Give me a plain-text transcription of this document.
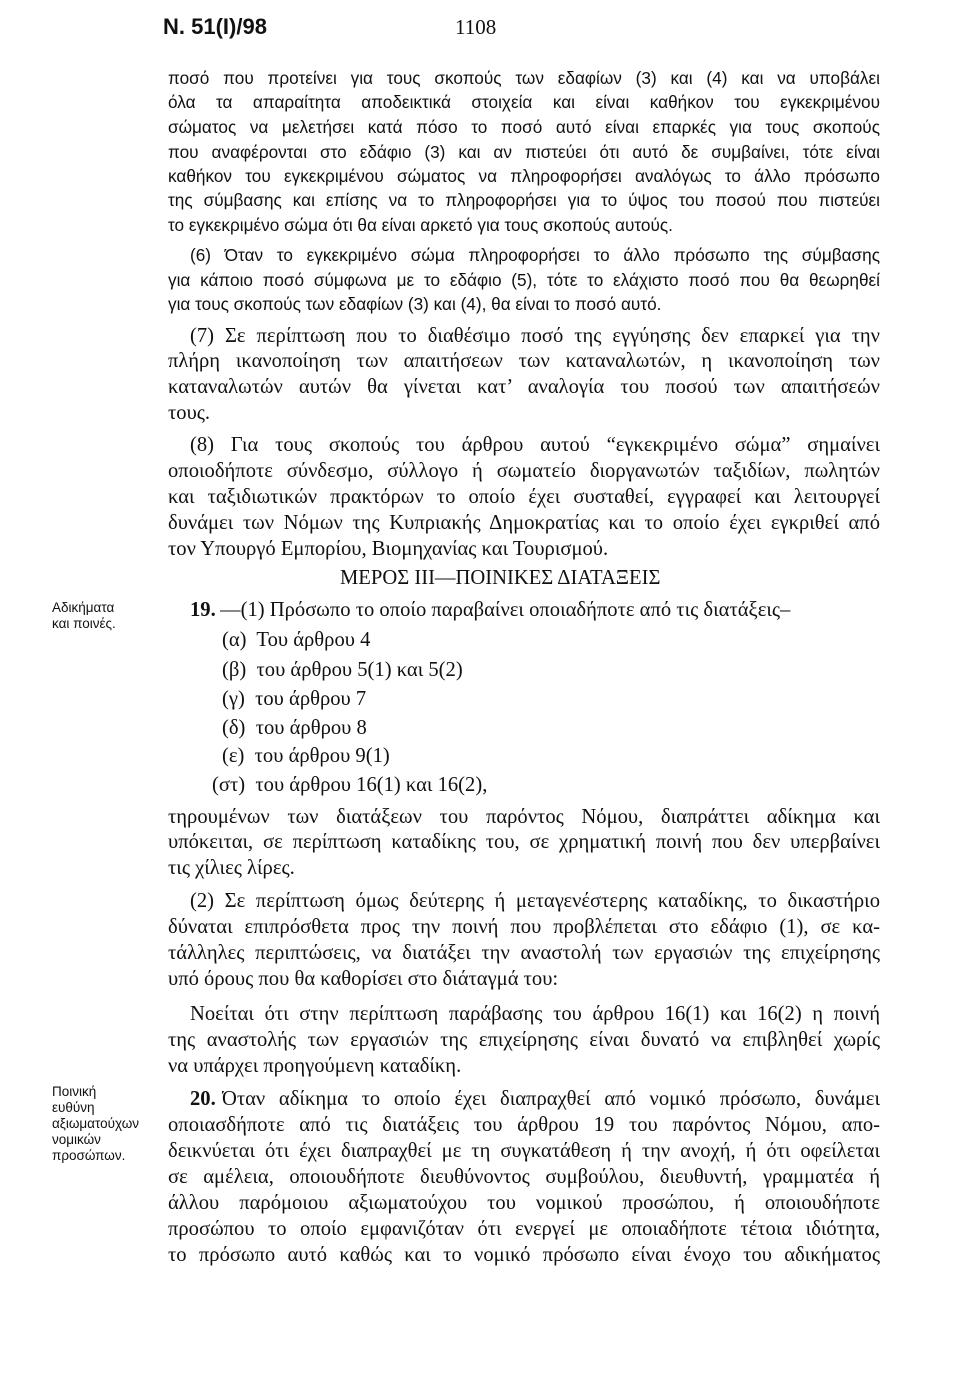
Ν. 51(Ι)/98	1108
Αδικήματα
και ποινές.
Ποινική
ευθύνη
αξιωματούχων
νομικών
προσώπων.
ΜΕΡΟΣ ΙΙΙ—ΠΟΙΝΙΚΕΣ ΔΙΑΤΑΞΕΙΣ
ποσό που προτείνει για τους σκοπούς των εδαφίων (3) και (4) και να υποβάλει
όλα τα απαραίτητα αποδεικτικά στοιχεία και είναι καθήκον του εγκεκριμένου
σώματος να μελετήσει κατά πόσο το ποσό αυτό είναι επαρκές για τους σκοπούς
που αναφέρονται στο εδάφιο (3) και αν πιστεύει ότι αυτό δε συμβαίνει, τότε είναι
καθήκον του εγκεκριμένου σώματος να πληροφορήσει αναλόγως το άλλο πρόσωπο
της σύμβασης και επίσης να το πληροφορήσει για το ύψος του ποσού που πιστεύει
το εγκεκριμένο σώμα ότι θα είναι αρκετό για τους σκοπούς αυτούς.
(6) Όταν το εγκεκριμένο σώμα πληροφορήσει το άλλο πρόσωπο της σύμβασης
για κάποιο ποσό σύμφωνα με το εδάφιο (5), τότε το ελάχιστο ποσό που θα θεωρηθεί
για τους σκοπούς των εδαφίων (3) και (4), θα είναι το ποσό αυτό.
(7) Σε περίπτωση που το διαθέσιμο ποσό της εγγύησης δεν επαρκεί για την
πλήρη ικανοποίηση των απαιτήσεων των καταναλωτών, η ικανοποίηση των
καταναλωτών αυτών θα γίνεται κατ’ αναλογία του ποσού των απαιτήσεών
τους.
(8) Για τους σκοπούς του άρθρου αυτού “εγκεκριμένο σώμα” σημαίνει
οποιοδήποτε σύνδεσμο, σύλλογο ή σωματείο διοργανωτών ταξιδίων, πωλητών
και ταξιδιωτικών πρακτόρων το οποίο έχει συσταθεί, εγγραφεί και λειτουργεί
δυνάμει των Νόμων της Κυπριακής Δημοκρατίας και το οποίο έχει εγκριθεί από
τον Υπουργό Εμπορίου, Βιομηχανίας και Τουρισμού.
19. —(1) Πρόσωπο το οποίο παραβαίνει οποιαδήποτε από τις διατάξεις–
(α)  Του άρθρου 4
(β)  του άρθρου 5(1) και 5(2)
(γ)  του άρθρου 7
(δ)  του άρθρου 8
(ε)  του άρθρου 9(1)
(στ)  του άρθρου 16(1) και 16(2),
τηρουμένων των διατάξεων του παρόντος Νόμου, διαπράττει αδίκημα και
υπόκειται, σε περίπτωση καταδίκης του, σε χρηματική ποινή που δεν υπερβαίνει
τις χίλιες λίρες.
(2) Σε περίπτωση όμως δεύτερης ή μεταγενέστερης καταδίκης, το δικαστήριο
δύναται επιπρόσθετα προς την ποινή που προβλέπεται στο εδάφιο (1), σε κα-
τάλληλες περιπτώσεις, να διατάξει την αναστολή των εργασιών της επιχείρησης
υπό όρους που θα καθορίσει στο διάταγμά του:
Νοείται ότι στην περίπτωση παράβασης του άρθρου 16(1) και 16(2) η ποινή
της αναστολής των εργασιών της επιχείρησης είναι δυνατό να επιβληθεί χωρίς
να υπάρχει προηγούμενη καταδίκη.
20. Όταν αδίκημα το οποίο έχει διαπραχθεί από νομικό πρόσωπο, δυνάμει
οποιασδήποτε από τις διατάξεις του άρθρου 19 του παρόντος Νόμου, απο-
δεικνύεται ότι έχει διαπραχθεί με τη συγκατάθεση ή την ανοχή, ή ότι οφείλεται
σε αμέλεια, οποιουδήποτε διευθύνοντος συμβούλου, διευθυντή, γραμματέα ή
άλλου παρόμοιου αξιωματούχου του νομικού προσώπου, ή οποιουδήποτε
προσώπου το οποίο εμφανιζόταν ότι ενεργεί με οποιαδήποτε τέτοια ιδιότητα,
το πρόσωπο αυτό καθώς και το νομικό πρόσωπο είναι ένοχο του αδικήματος
